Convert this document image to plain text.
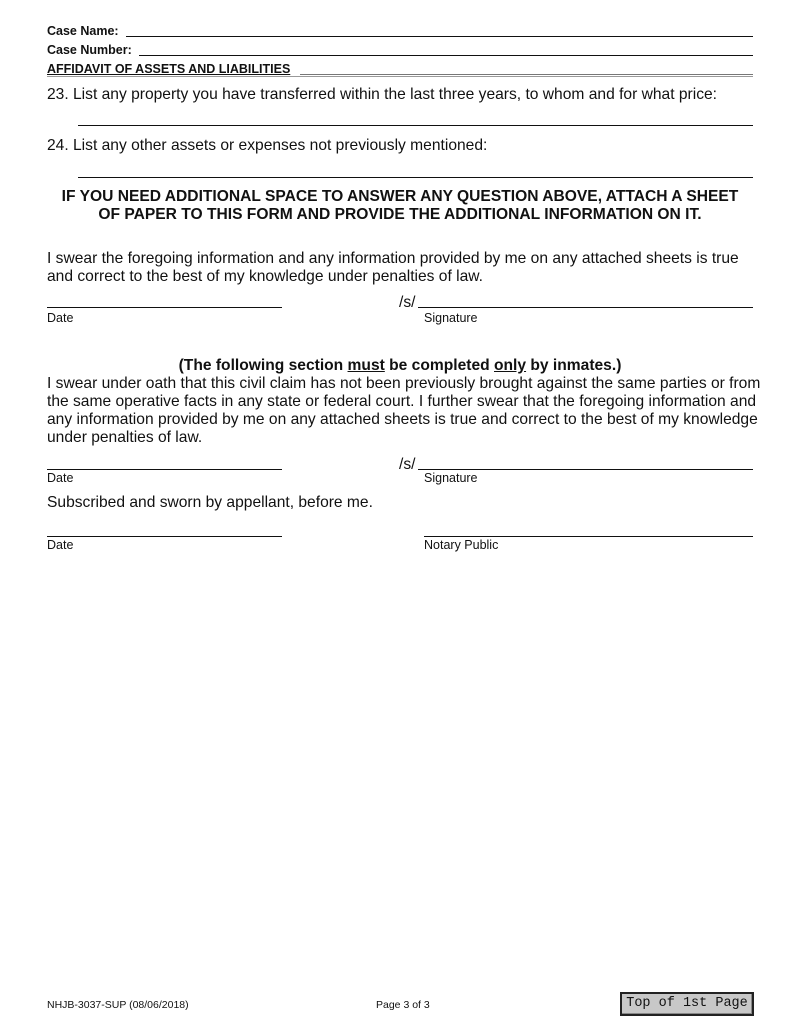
Case Name:
Case Number:
AFFIDAVIT OF ASSETS AND LIABILITIES
23. List any property you have transferred within the last three years, to whom and for what price:
24. List any other assets or expenses not previously mentioned:
IF YOU NEED ADDITIONAL SPACE TO ANSWER ANY QUESTION ABOVE, ATTACH A SHEET
OF PAPER TO THIS FORM AND PROVIDE THE ADDITIONAL INFORMATION ON IT.
I swear the foregoing information and any information provided by me on any attached sheets is true
and correct to the best of my knowledge under penalties of law.
/s/
Date	Signature
(The following section must be completed only by inmates.)
I swear under oath that this civil claim has not been previously brought against the same parties or from
the same operative facts in any state or federal court. I further swear that the foregoing information and
any information provided by me on any attached sheets is true and correct to the best of my knowledge
under penalties of law.
/s/
Date	Signature
Subscribed and sworn by appellant, before me.
Date	Notary Public
NHJB-3037-SUP (08/06/2018)	Page 3 of 3	Top of 1st Page
